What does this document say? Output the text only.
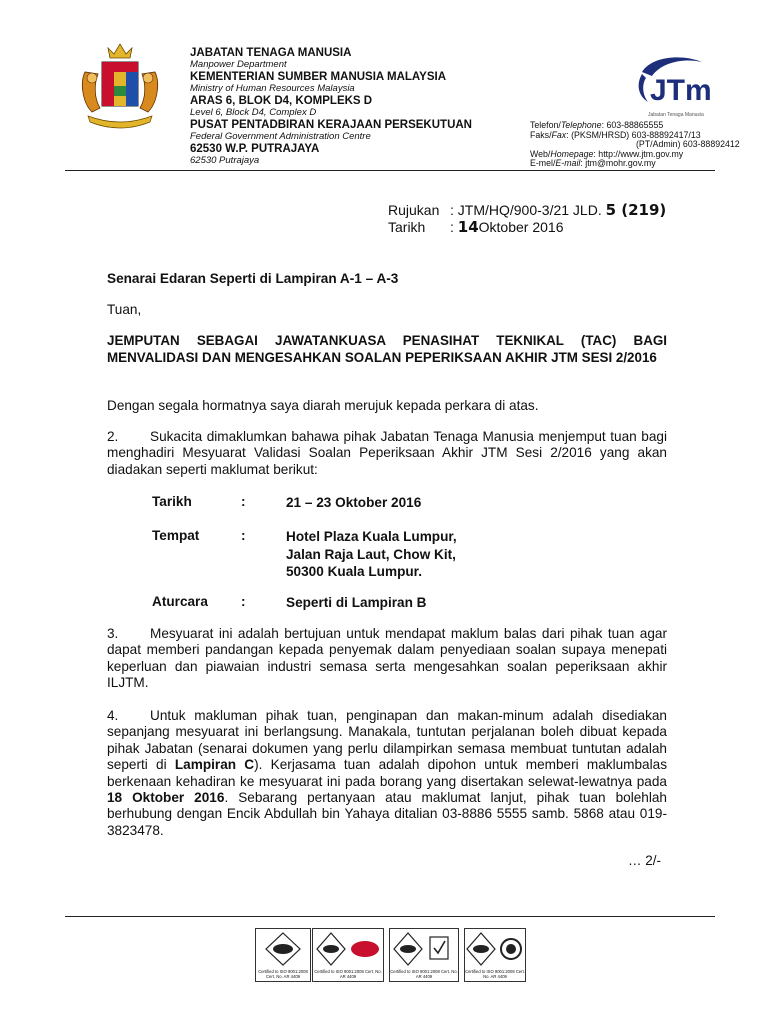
JABATAN TENAGA MANUSIA
Manpower Department
KEMENTERIAN SUMBER MANUSIA MALAYSIA
Ministry of Human Resources Malaysia
ARAS 6, BLOK D4, KOMPLEKS D
Level 6, Block D4, Complex D
PUSAT PENTADBIRAN KERAJAAN PERSEKUTUAN
Federal Government Administration Centre
62530 W.P. PUTRAJAYA
62530 Putrajaya
JTm
Jabatan Tenaga Manusia
Telefon/Telephone: 603-88865555
Faks/Fax: (PKSM/HRSD) 603-88892417/13
(PT/Admin) 603-88892412
Web/Homepage: http://www.jtm.gov.my
E-mel/E-mail: jtm@mohr.gov.my
Rujukan : JTM/HQ/900-3/21 JLD. 5 (219)
Tarikh : 14Oktober 2016
Senarai Edaran Seperti di Lampiran A-1 – A-3
Tuan,
JEMPUTAN SEBAGAI JAWATANKUASA PENASIHAT TEKNIKAL (TAC) BAGI MENVALIDASI DAN MENGESAHKAN SOALAN PEPERIKSAAN AKHIR JTM SESI 2/2016
Dengan segala hormatnya saya diarah merujuk kepada perkara di atas.
2. Sukacita dimaklumkan bahawa pihak Jabatan Tenaga Manusia menjemput tuan bagi menghadiri Mesyuarat Validasi Soalan Peperiksaan Akhir JTM Sesi 2/2016 yang akan diadakan seperti maklumat berikut:
Tarikh	:	21 – 23 Oktober 2016
Tempat	:	Hotel Plaza Kuala Lumpur,
Jalan Raja Laut, Chow Kit,
50300 Kuala Lumpur.
Aturcara :	Seperti di Lampiran B
3. Mesyuarat ini adalah bertujuan untuk mendapat maklum balas dari pihak tuan agar dapat memberi pandangan kepada penyemak dalam penyediaan soalan supaya menepati keperluan dan piawaian industri semasa serta mengesahkan soalan peperiksaan akhir ILJTM.
4. Untuk makluman pihak tuan, penginapan dan makan-minum adalah disediakan sepanjang mesyuarat ini berlangsung. Manakala, tuntutan perjalanan boleh dibuat kepada pihak Jabatan (senarai dokumen yang perlu dilampirkan semasa membuat tuntutan adalah seperti di Lampiran C). Kerjasama tuan adalah dipohon untuk memberi maklumbalas berkenaan kehadiran ke mesyuarat ini pada borang yang disertakan selewat-lewatnya pada 18 Oktober 2016. Sebarang pertanyaan atau maklumat lanjut, pihak tuan bolehlah berhubung dengan Encik Abdullah bin Yahaya ditalian 03-8886 5555 samb. 5868 atau 019-3823478.
… 2/-
Certified to ISO 9001:2008 Cert. No. AR 4409
Certified to ISO 9001:2008 Cert. No. AR 4409
Certified to ISO 9001:2008 Cert. No. AR 4409
Certified to ISO 9001:2008 Cert. No. AR 4409
